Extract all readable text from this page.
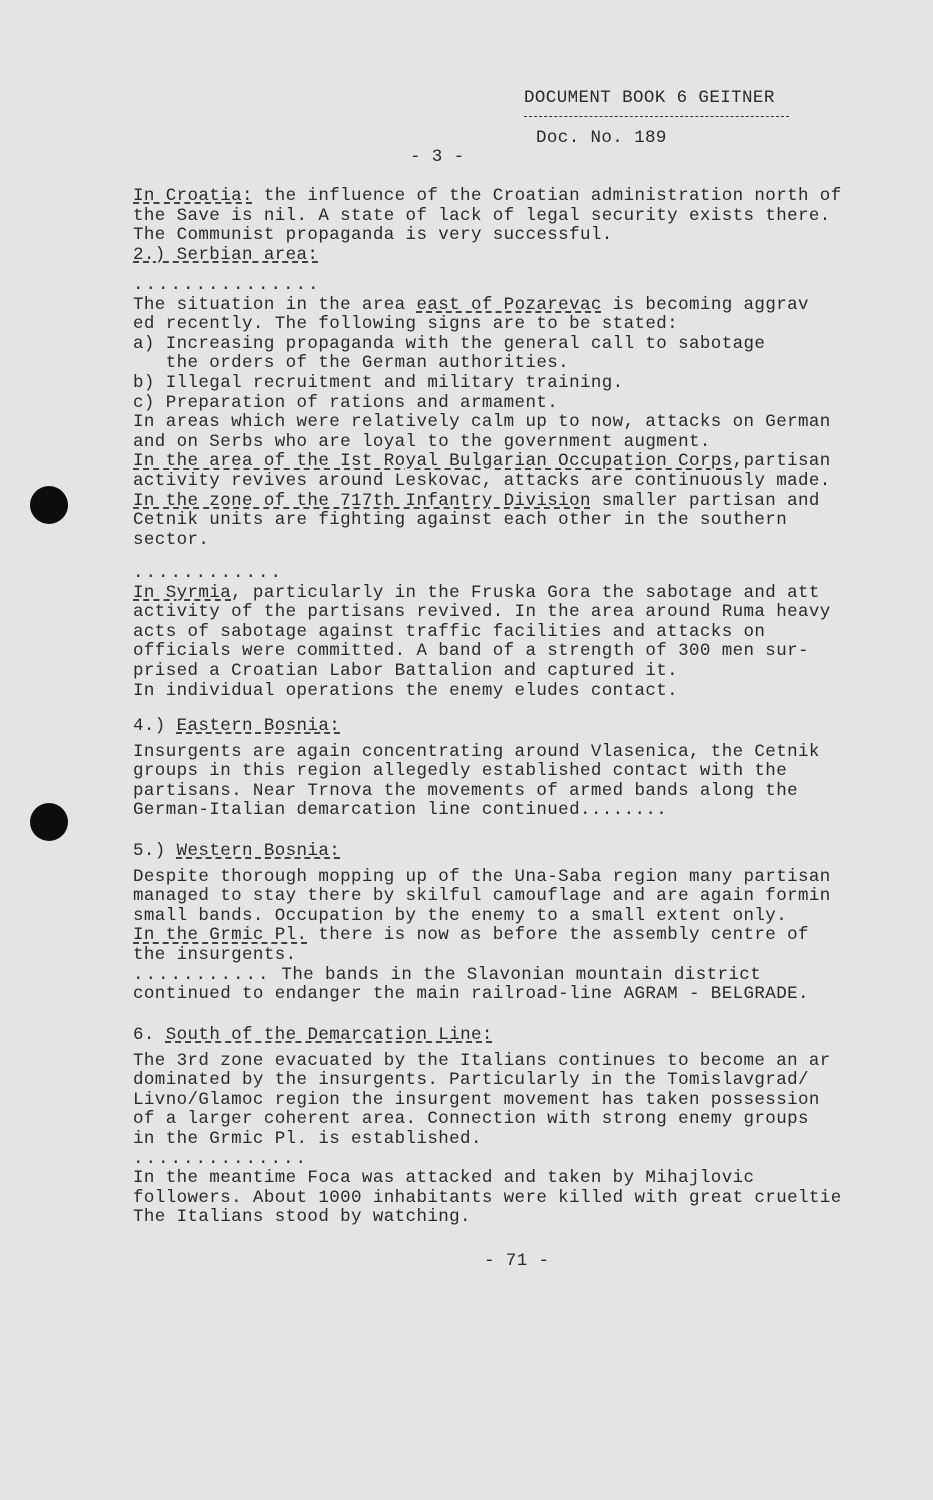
DOCUMENT BOOK 6 GEITNER
Doc. No. 189
- 3 -
In Croatia: the influence of the Croatian administration north of
the Save is nil. A state of lack of legal security exists there.
The Communist propaganda is very successful.
2.) Serbian area:
...............
The situation in the area east of Pozarevac is becoming aggrav
ed recently. The following signs are to be stated:
a) Increasing propaganda with the general call to sabotage
the orders of the German authorities.
b) Illegal recruitment and military training.
c) Preparation of rations and armament.
In areas which were relatively calm up to now, attacks on German
and on Serbs who are loyal to the government augment.
In the area of the Ist Royal Bulgarian Occupation Corps,partisan
activity revives around Leskovac, attacks are continuously made.
In the zone of the 717th Infantry Division smaller partisan and
Cetnik units are fighting against each other in the southern
sector.
............
In Syrmia, particularly in the Fruska Gora the sabotage and att
activity of the partisans revived. In the area around Ruma heavy
acts of sabotage against traffic facilities and attacks on
officials were committed. A band of a strength of 300 men sur-
prised a Croatian Labor Battalion and captured it.
In individual operations the enemy eludes contact.
4.) Eastern Bosnia:
Insurgents are again concentrating around Vlasenica, the Cetnik
groups in this region allegedly established contact with the
partisans. Near Trnova the movements of armed bands along the
German-Italian demarcation line continued........
5.) Western Bosnia:
Despite thorough mopping up of the Una-Saba region many partisan
managed to stay there by skilful camouflage and are again formin
small bands. Occupation by the enemy to a small extent only.
In the Grmic Pl. there is now as before the assembly centre of
the insurgents.
........... The bands in the Slavonian mountain district
continued to endanger the main railroad-line AGRAM - BELGRADE.
6. South of the Demarcation Line:
The 3rd zone evacuated by the Italians continues to become an ar
dominated by the insurgents. Particularly in the Tomislavgrad/
Livno/Glamoc region the insurgent movement has taken possession
of a larger coherent area. Connection with strong enemy groups
in the Grmic Pl. is established.
..............
In the meantime Foca was attacked and taken by Mihajlovic
followers. About 1000 inhabitants were killed with great crueltie
The Italians stood by watching.
- 71 -
